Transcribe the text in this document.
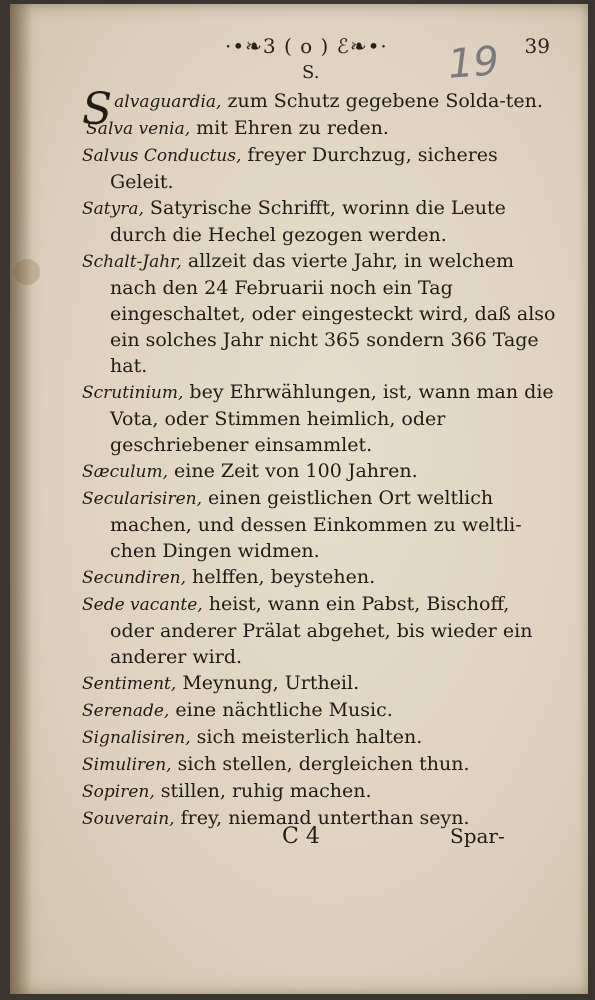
·•❧3 ( o ) ℰ❧•· 19 39
S.

Salvaguardia, zum Schutz gegebene Solda-ten.

Salva venia, mit Ehren zu reden.

Salvus Conductus, freyer Durchzug, sicheres Geleit.

Satyra, Satyrische Schrifft, worinn die Leute durch die Hechel gezogen werden.

Schalt-Jahr, allzeit das vierte Jahr, in welchem nach den 24 Februarii noch ein Tag eingeschaltet, oder eingesteckt wird, daß also ein solches Jahr nicht 365 sondern 366 Tage hat.

Scrutinium, bey Ehrwählungen, ist, wann man die Vota, oder Stimmen heimlich, oder geschriebener einsammlet.

Sæculum, eine Zeit von 100 Jahren.

Secularisiren, einen geistlichen Ort weltlich machen, und dessen Einkommen zu weltli-chen Dingen widmen.

Secundiren, helffen, beystehen.

Sede vacante, heist, wann ein Pabst, Bischoff, oder anderer Prälat abgehet, bis wieder ein anderer wird.

Sentiment, Meynung, Urtheil.

Serenade, eine nächtliche Music.

Signalisiren, sich meisterlich halten.

Simuliren, sich stellen, dergleichen thun.

Sopiren, stillen, ruhig machen.

Souverain, frey, niemand unterthan seyn.

C 4	Spar-
